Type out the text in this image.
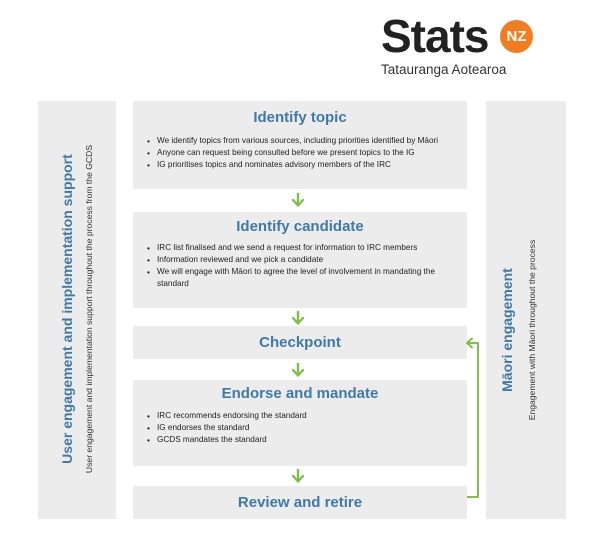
Stats	NZ
Tatauranga Aotearoa
User engagement and implementation support User engagement and implementation support throughout the process from the GCDS	Māori engagement Engagement with Māori throughout the process
Identify topic
• We identify topics from various sources, including priorities identified by Māori
• Anyone can request being consulted before we present topics to the IG
• IG prioritises topics and nominates advisory members of the IRC
Identify candidate
• IRC list finalised and we send a request for information to IRC members
• Information reviewed and we pick a candidate
• We will engage with Māori to agree the level of involvement in mandating the standard
Checkpoint
Endorse and mandate
• IRC recommends endorsing the standard
• IG endorses the standard
• GCDS mandates the standard
Review and retire
